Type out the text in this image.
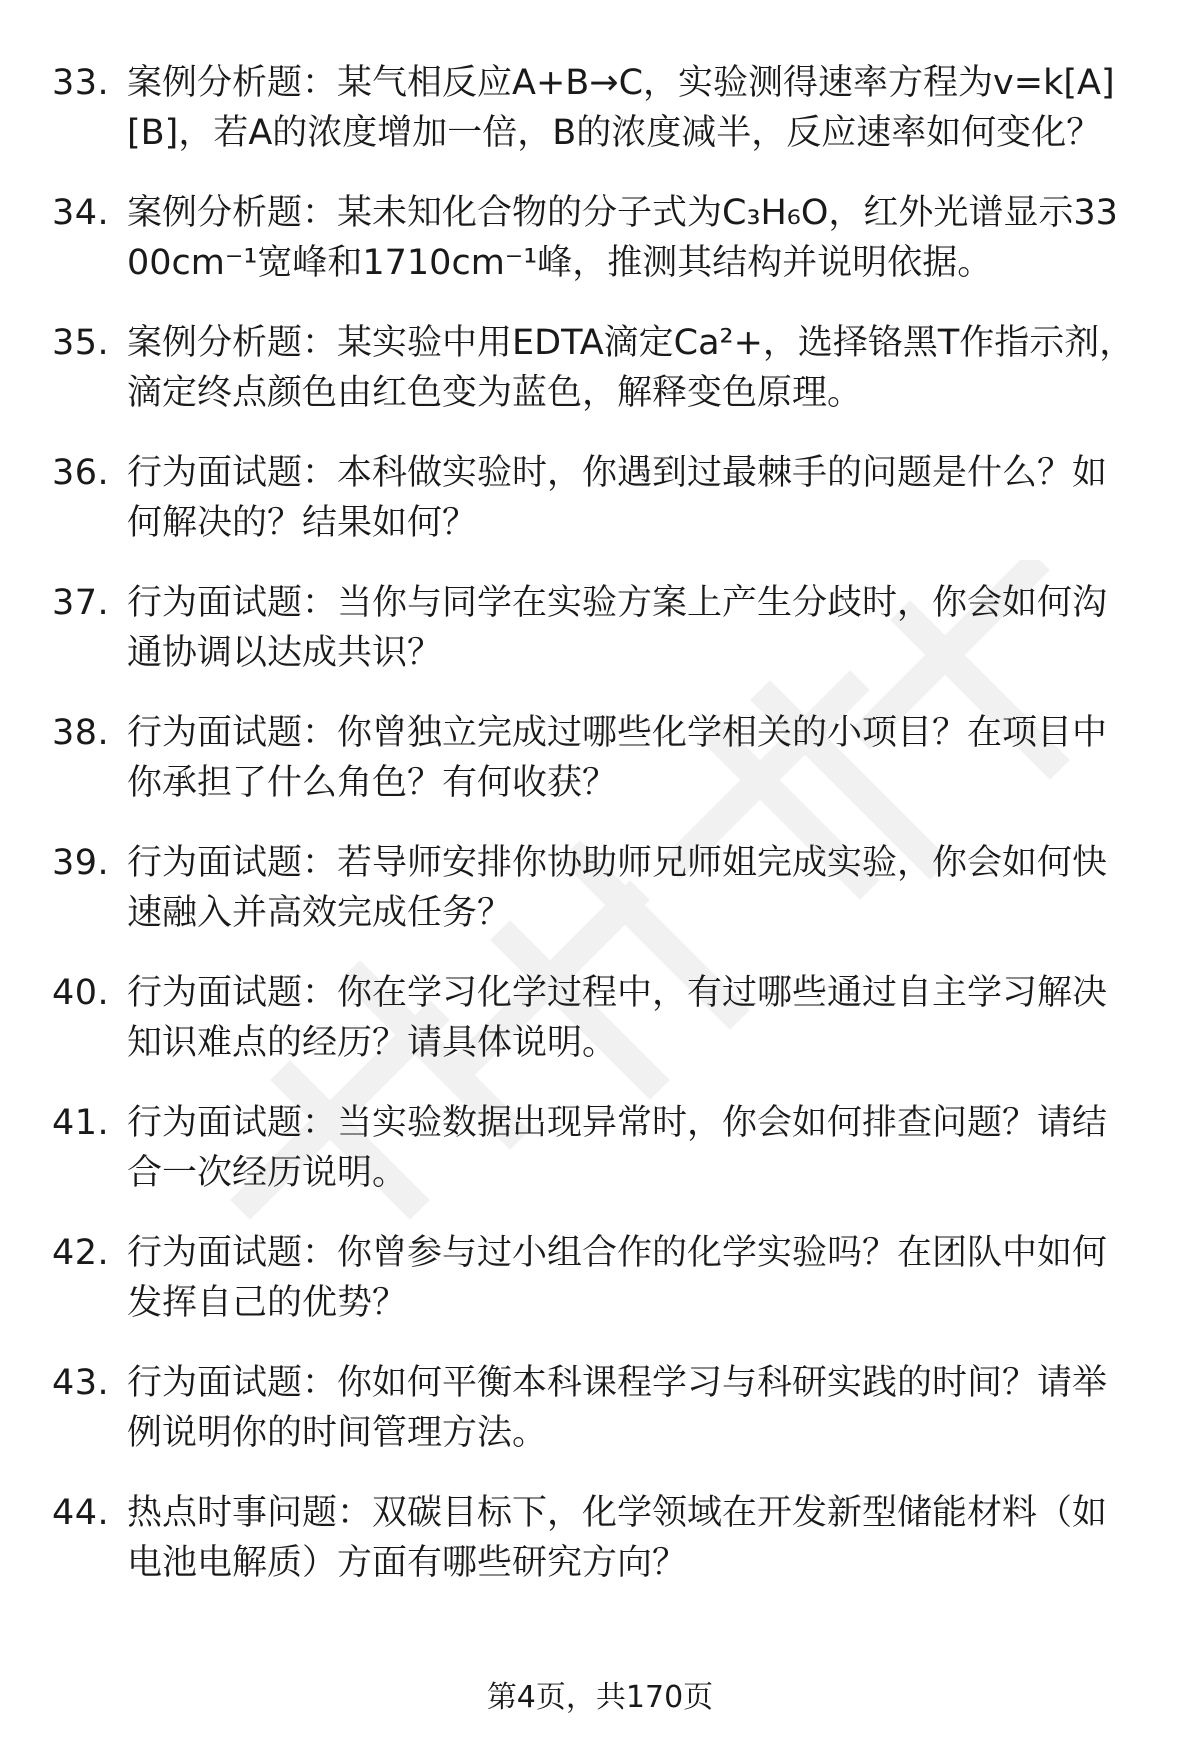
33. 案例分析题：某气相反应A+B→C，实验测得速率方程为v=k[A][B]，若A的浓度增加一倍，B的浓度减半，反应速率如何变化？
34. 案例分析题：某未知化合物的分子式为C₃H₆O，红外光谱显示3300cm⁻¹宽峰和1710cm⁻¹峰，推测其结构并说明依据。
35. 案例分析题：某实验中用EDTA滴定Ca²+，选择铬黑T作指示剂，滴定终点颜色由红色变为蓝色，解释变色原理。
36. 行为面试题：本科做实验时，你遇到过最棘手的问题是什么？如何解决的？结果如何？
37. 行为面试题：当你与同学在实验方案上产生分歧时，你会如何沟通协调以达成共识？
38. 行为面试题：你曾独立完成过哪些化学相关的小项目？在项目中你承担了什么角色？有何收获？
39. 行为面试题：若导师安排你协助师兄师姐完成实验，你会如何快速融入并高效完成任务？
40. 行为面试题：你在学习化学过程中，有过哪些通过自主学习解决知识难点的经历？请具体说明。
41. 行为面试题：当实验数据出现异常时，你会如何排查问题？请结合一次经历说明。
42. 行为面试题：你曾参与过小组合作的化学实验吗？在团队中如何发挥自己的优势？
43. 行为面试题：你如何平衡本科课程学习与科研实践的时间？请举例说明你的时间管理方法。
44. 热点时事问题：双碳目标下，化学领域在开发新型储能材料（如电池电解质）方面有哪些研究方向？
第4页，共170页
